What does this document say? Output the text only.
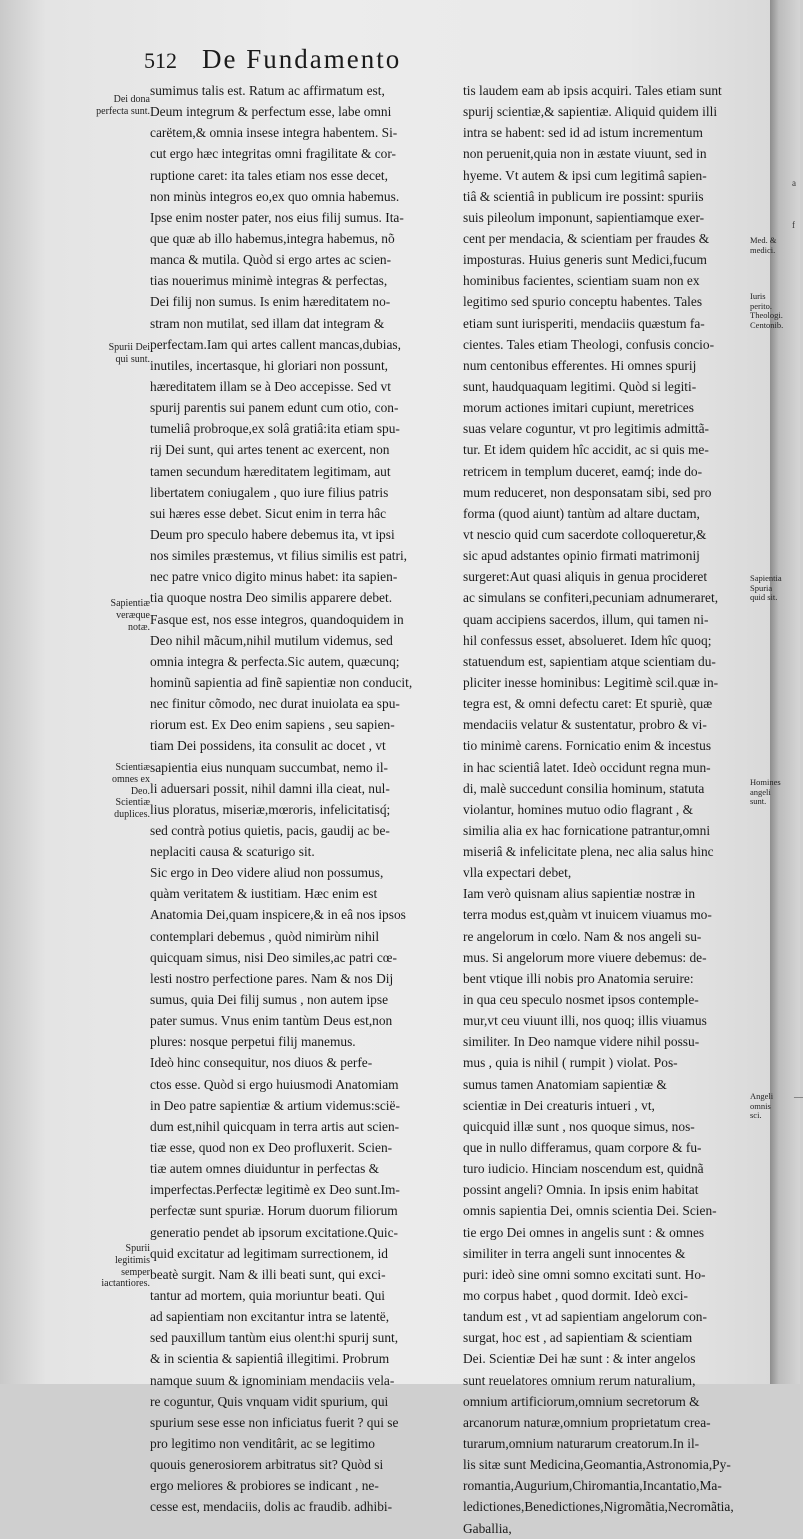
a
f
—
512 De Fundamento
Dei dona perfecta sunt.
Spurii Dei qui sunt.
Sapientiæ veræque notæ.
Scientiæ omnes ex Deo. Scientiæ duplices.
Spurii legitimis semper iactantiores.
Med. & medici.
Iuris perito. Theologi. Centonib.
Sapientia Spuria quid sit.
Homines angeli sunt.
Angeli omnis sci.
sumimus talis est. Ratum ac affirmatum est,
Deum integrum & perfectum esse, labe omni
carëtem,& omnia insese integra habentem. Si-
cut ergo hæc integritas omni fragilitate & cor-
ruptione caret: ita tales etiam nos esse decet,
non minùs integros eo,ex quo omnia habemus.
Ipse enim noster pater, nos eius filij sumus. Ita-
que quæ ab illo habemus,integra habemus, nõ
manca & mutila. Quòd si ergo artes ac scien-
tias nouerimus minimè integras & perfectas,
Dei filij non sumus. Is enim hæreditatem no-
stram non mutilat, sed illam dat integram &
perfectam.Iam qui artes callent mancas,dubias,
inutiles, incertasque, hi gloriari non possunt,
hæreditatem illam se à Deo accepisse. Sed vt
spurij parentis sui panem edunt cum otio, con-
tumeliâ probroque,ex solâ gratiâ:ita etiam spu-
rij Dei sunt, qui artes tenent ac exercent, non
tamen secundum hæreditatem legitimam, aut
libertatem coniugalem , quo iure filius patris
sui hæres esse debet. Sicut enim in terra hâc
Deum pro speculo habere debemus ita, vt ipsi
nos similes præstemus, vt filius similis est patri,
nec patre vnico digito minus habet: ita sapien-
tia quoque nostra Deo similis apparere debet.
Fasque est, nos esse integros, quandoquidem in
Deo nihil mãcum,nihil mutilum videmus, sed
omnia integra & perfecta.Sic autem, quæcunq;
hominũ sapientia ad finẽ sapientiæ non conducit,
nec finitur cõmodo, nec durat inuiolata ea spu-
riorum est. Ex Deo enim sapiens , seu sapien-
tiam Dei possidens, ita consulit ac docet , vt
sapientia eius nunquam succumbat, nemo il-
li aduersari possit, nihil damni illa cieat, nul-
lius ploratus, miseriæ,mœroris, infelicitatisq́;
sed contrà potius quietis, pacis, gaudij ac be-
neplaciti causa & scaturigo sit.
Sic ergo in Deo videre aliud non possumus,
quàm veritatem & iustitiam. Hæc enim est
Anatomia Dei,quam inspicere,& in eâ nos ipsos
contemplari debemus , quòd nimirùm nihil
quicquam simus, nisi Deo similes,ac patri cœ-
lesti nostro perfectione pares. Nam & nos Dij
sumus, quia Dei filij sumus , non autem ipse
pater sumus. Vnus enim tantùm Deus est,non
plures: nosque perpetui filij manemus.
Ideò hinc consequitur, nos diuos & perfe-
ctos esse. Quòd si ergo huiusmodi Anatomiam
in Deo patre sapientiæ & artium videmus:scië-
dum est,nihil quicquam in terra artis aut scien-
tiæ esse, quod non ex Deo profluxerit. Scien-
tiæ autem omnes diuiduntur in perfectas &
imperfectas.Perfectæ legitimè ex Deo sunt.Im-
perfectæ sunt spuriæ. Horum duorum filiorum
generatio pendet ab ipsorum excitatione.Quic-
quid excitatur ad legitimam surrectionem, id
beatè surgit. Nam & illi beati sunt, qui exci-
tantur ad mortem, quia moriuntur beati. Qui
ad sapientiam non excitantur intra se latentë,
sed pauxillum tantùm eius olent:hi spurij sunt,
& in scientia & sapientiâ illegitimi. Probrum
namque suum & ignominiam mendaciis vela-
re coguntur, Quis vnquam vidit spurium, qui
spurium sese esse non inficiatus fuerit ? qui se
pro legitimo non venditârit, ac se legitimo
quouis generosiorem arbitratus sit? Quòd si
ergo meliores & probiores se indicant , ne-
cesse est, mendaciis, dolis ac fraudib. adhibi-
tis laudem eam ab ipsis acquiri. Tales etiam sunt
spurij scientiæ,& sapientiæ. Aliquid quidem illi
intra se habent: sed id ad istum incrementum
non peruenit,quia non in æstate viuunt, sed in
hyeme. Vt autem & ipsi cum legitimâ sapien-
tiâ & scientiâ in publicum ire possint: spuriis
suis pileolum imponunt, sapientiamque exer-
cent per mendacia, & scientiam per fraudes &
imposturas. Huius generis sunt Medici,fucum
hominibus facientes, scientiam suam non ex
legitimo sed spurio conceptu habentes. Tales
etiam sunt iurisperiti, mendaciis quæstum fa-
cientes. Tales etiam Theologi, confusis concio-
num centonibus efferentes. Hi omnes spurij
sunt, haudquaquam legitimi. Quòd si legiti-
morum actiones imitari cupiunt, meretrices
suas velare coguntur, vt pro legitimis admittã-
tur. Et idem quidem hîc accidit, ac si quis me-
retricem in templum duceret, eamq́; inde do-
mum reduceret, non desponsatam sibi, sed pro
forma (quod aiunt) tantùm ad altare ductam,
vt nescio quid cum sacerdote colloqueretur,&
sic apud adstantes opinio firmati matrimonij
surgeret:Aut quasi aliquis in genua procideret
ac simulans se confiteri,pecuniam adnumeraret,
quam accipiens sacerdos, illum, qui tamen ni-
hil confessus esset, absolueret. Idem hîc quoq;
statuendum est, sapientiam atque scientiam du-
pliciter inesse hominibus: Legitimè scil.quæ in-
tegra est, & omni defectu caret: Et spuriè, quæ
mendaciis velatur & sustentatur, probro & vi-
tio minimè carens. Fornicatio enim & incestus
in hac scientiâ latet. Ideò occidunt regna mun-
di, malè succedunt consilia hominum, statuta
violantur, homines mutuo odio flagrant , &
similia alia ex hac fornicatione patrantur,omni
miseriâ & infelicitate plena, nec alia salus hinc
vlla expectari debet,
Iam verò quisnam alius sapientiæ nostræ in
terra modus est,quàm vt inuicem viuamus mo-
re angelorum in cœlo. Nam & nos angeli su-
mus. Si angelorum more viuere debemus: de-
bent vtique illi nobis pro Anatomia seruire:
in qua ceu speculo nosmet ipsos contemple-
mur,vt ceu viuunt illi, nos quoq; illis viuamus
similiter. In Deo namque videre nihil possu-
mus , quia is nihil ( rumpit ) violat. Pos-
sumus tamen Anatomiam sapientiæ &
scientiæ in Dei creaturis intueri , vt,
quicquid illæ sunt , nos quoque simus, nos-
que in nullo differamus, quam corpore & fu-
turo iudicio. Hinciam noscendum est, quidnã
possint angeli? Omnia. In ipsis enim habitat
omnis sapientia Dei, omnis scientia Dei. Scien-
tie ergo Dei omnes in angelis sunt : & omnes
similiter in terra angeli sunt innocentes &
puri: ideò sine omni somno excitati sunt. Ho-
mo corpus habet , quod dormit. Ideò exci-
tandum est , vt ad sapientiam angelorum con-
surgat, hoc est , ad sapientiam & scientiam
Dei. Scientiæ Dei hæ sunt : & inter angelos
sunt reuelatores omnium rerum naturalium,
omnium artificiorum,omnium secretorum &
arcanorum naturæ,omnium proprietatum crea-
turarum,omnium naturarum creatorum.In il-
lis sitæ sunt Medicina,Geomantia,Astronomia,Py-
romantia,Augurium,Chiromantia,Incantatio,Ma-
ledictiones,Benedictiones,Nigromãtia,Necromãtia,
Gaballia,
